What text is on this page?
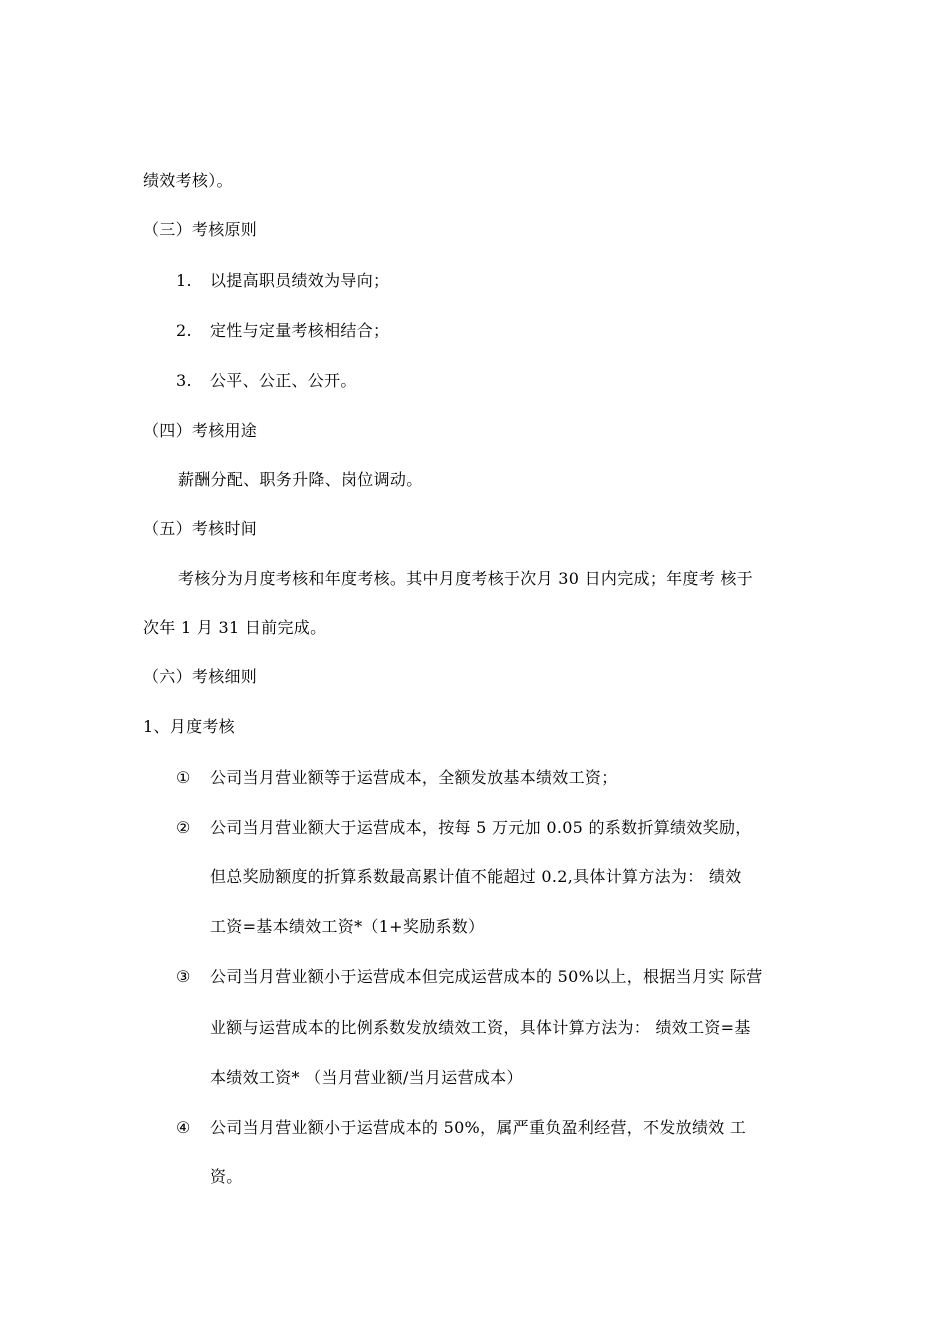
绩效考核）。
（三）考核原则
1. 以提高职员绩效为导向；
2. 定性与定量考核相结合；
3. 公平、公正、公开。
（四）考核用途
薪酬分配、职务升降、岗位调动。
（五）考核时间
考核分为月度考核和年度考核。其中月度考核于次月 30 日内完成；年度考 核于
次年 1 月 31 日前完成。
（六）考核细则
1、月度考核
① 公司当月营业额等于运营成本，全额发放基本绩效工资；
② 公司当月营业额大于运营成本，按每 5 万元加 0.05 的系数折算绩效奖励，
但总奖励额度的折算系数最高累计值不能超过 0.2,具体计算方法为： 绩效
工资=基本绩效工资*（1+奖励系数）
③ 公司当月营业额小于运营成本但完成运营成本的 50%以上，根据当月实 际营
业额与运营成本的比例系数发放绩效工资，具体计算方法为： 绩效工资=基
本绩效工资* （当月营业额/当月运营成本）
④ 公司当月营业额小于运营成本的 50%，属严重负盈利经营，不发放绩效 工
资。
